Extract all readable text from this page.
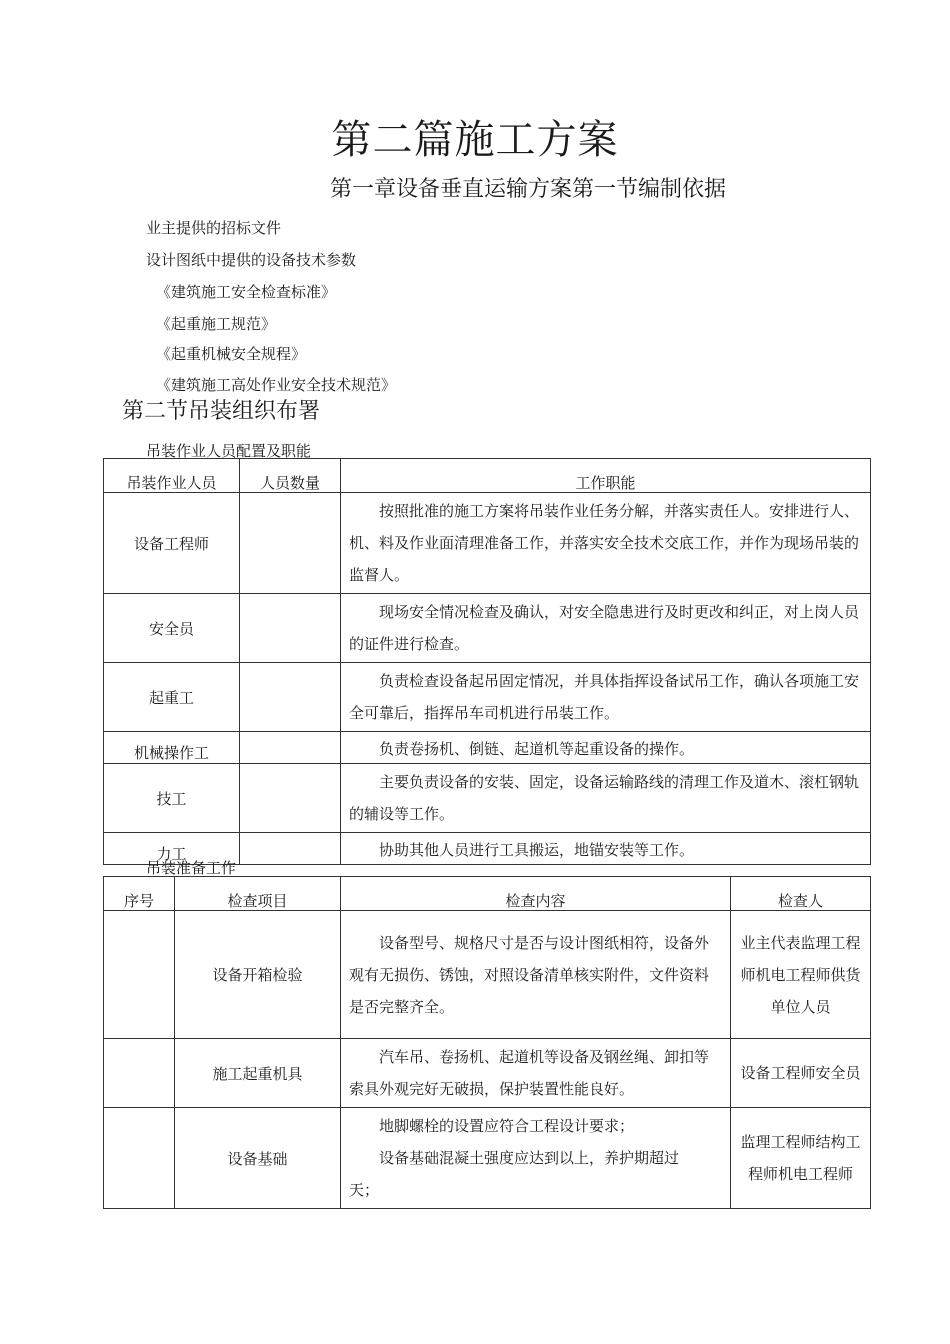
第二篇施工方案
第一章设备垂直运输方案第一节编制依据
业主提供的招标文件
设计图纸中提供的设备技术参数
《建筑施工安全检查标准》
《起重施工规范》
《起重机械安全规程》
《建筑施工高处作业安全技术规范》
第二节吊装组织布署
吊装作业人员配置及职能
吊装作业人员	人员数量	工作职能
设备工程师		按照批准的施工方案将吊装作业任务分解，并落实责任人。安排进行人、机、料及作业面清理准备工作，并落实安全技术交底工作，并作为现场吊装的监督人。

安全员		现场安全情况检查及确认，对安全隐患进行及时更改和纠正，对上岗人员的证件进行检查。

起重工		负责检查设备起吊固定情况，并具体指挥设备试吊工作，确认各项施工安全可靠后，指挥吊车司机进行吊装工作。

机械操作工		负责卷扬机、倒链、起道机等起重设备的操作。

技工		主要负责设备的安装、固定，设备运输路线的清理工作及道木、滚杠钢轨的辅设等工作。

力工		协助其他人员进行工具搬运，地锚安装等工作。
吊装准备工作
序号	检查项目	检查内容	检查人
	设备开箱检验	设备型号、规格尺寸是否与设计图纸相符，设备外观有无损伤、锈蚀，对照设备清单核实附件，文件资料是否完整齐全。	业主代表监理工程师机电工程师供货单位人员

	施工起重机具	汽车吊、卷扬机、起道机等设备及钢丝绳、卸扣等索具外观完好无破损，保护装置性能良好。	设备工程师安全员

	设备基础	地脚螺栓的设置应符合工程设计要求；
设备基础混凝土强度应达到以上，养护期超过天；	监理工程师结构工程师机电工程师
